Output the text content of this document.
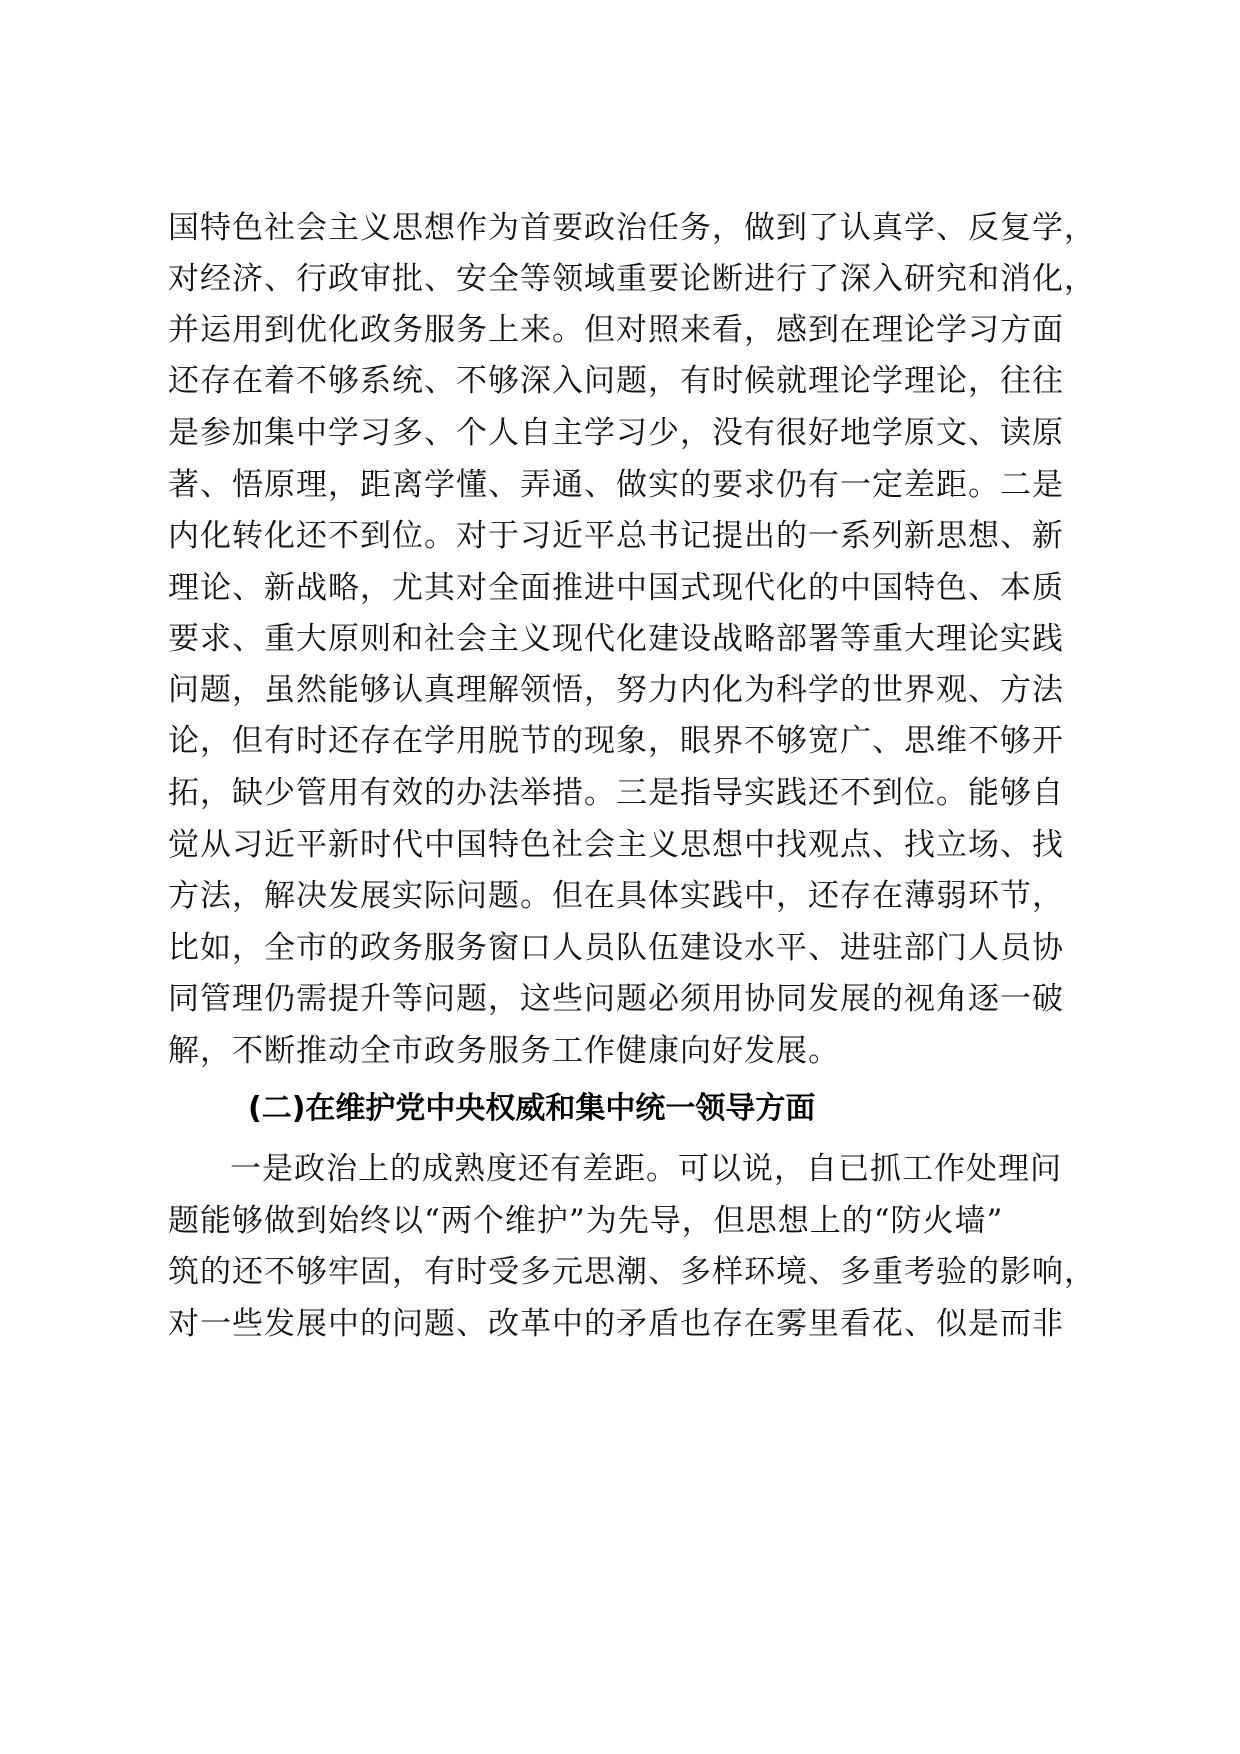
国特色社会主义思想作为首要政治任务，做到了认真学、反复学，
对经济、行政审批、安全等领域重要论断进行了深入研究和消化，
并运用到优化政务服务上来。但对照来看，感到在理论学习方面
还存在着不够系统、不够深入问题，有时候就理论学理论，往往
是参加集中学习多、个人自主学习少，没有很好地学原文、读原
著、悟原理，距离学懂、弄通、做实的要求仍有一定差距。二是
内化转化还不到位。对于习近平总书记提出的一系列新思想、新
理论、新战略，尤其对全面推进中国式现代化的中国特色、本质
要求、重大原则和社会主义现代化建设战略部署等重大理论实践
问题，虽然能够认真理解领悟，努力内化为科学的世界观、方法
论，但有时还存在学用脱节的现象，眼界不够宽广、思维不够开
拓，缺少管用有效的办法举措。三是指导实践还不到位。能够自
觉从习近平新时代中国特色社会主义思想中找观点、找立场、找
方法，解决发展实际问题。但在具体实践中，还存在薄弱环节，
比如，全市的政务服务窗口人员队伍建设水平、进驻部门人员协
同管理仍需提升等问题，这些问题必须用协同发展的视角逐一破
解，不断推动全市政务服务工作健康向好发展。
(二)在维护党中央权威和集中统一领导方面
一是政治上的成熟度还有差距。可以说，自已抓工作处理问
题能够做到始终以“两个维护”为先导，但思想上的“防火墙”
筑的还不够牢固，有时受多元思潮、多样环境、多重考验的影响，
对一些发展中的问题、改革中的矛盾也存在雾里看花、似是而非
